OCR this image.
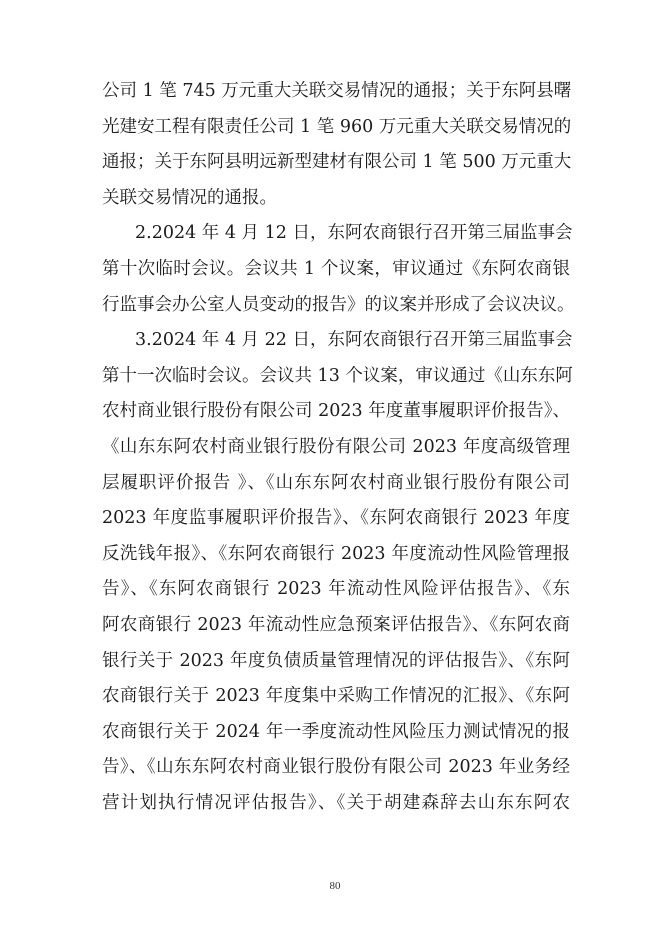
公司 1 笔 745 万元重大关联交易情况的通报；关于东阿县曙
光建安工程有限责任公司 1 笔 960 万元重大关联交易情况的
通报；关于东阿县明远新型建材有限公司 1 笔 500 万元重大
关联交易情况的通报。
2.2024 年 4 月 12 日，东阿农商银行召开第三届监事会
第十次临时会议。会议共 1 个议案，审议通过《东阿农商银
行监事会办公室人员变动的报告》的议案并形成了会议决议。
3.2024 年 4 月 22 日，东阿农商银行召开第三届监事会
第十一次临时会议。会议共 13 个议案，审议通过《山东东阿
农村商业银行股份有限公司 2023 年度董事履职评价报告》、
《山东东阿农村商业银行股份有限公司 2023 年度高级管理
层履职评价报告 》、《山东东阿农村商业银行股份有限公司
2023 年度监事履职评价报告》、《东阿农商银行 2023 年度
反洗钱年报》、《东阿农商银行 2023 年度流动性风险管理报
告》、《东阿农商银行 2023 年流动性风险评估报告》、《东
阿农商银行 2023 年流动性应急预案评估报告》、《东阿农商
银行关于 2023 年度负债质量管理情况的评估报告》、《东阿
农商银行关于 2023 年度集中采购工作情况的汇报》、《东阿
农商银行关于 2024 年一季度流动性风险压力测试情况的报
告》、《山东东阿农村商业银行股份有限公司 2023 年业务经
营计划执行情况评估报告》、《关于胡建森辞去山东东阿农
80
